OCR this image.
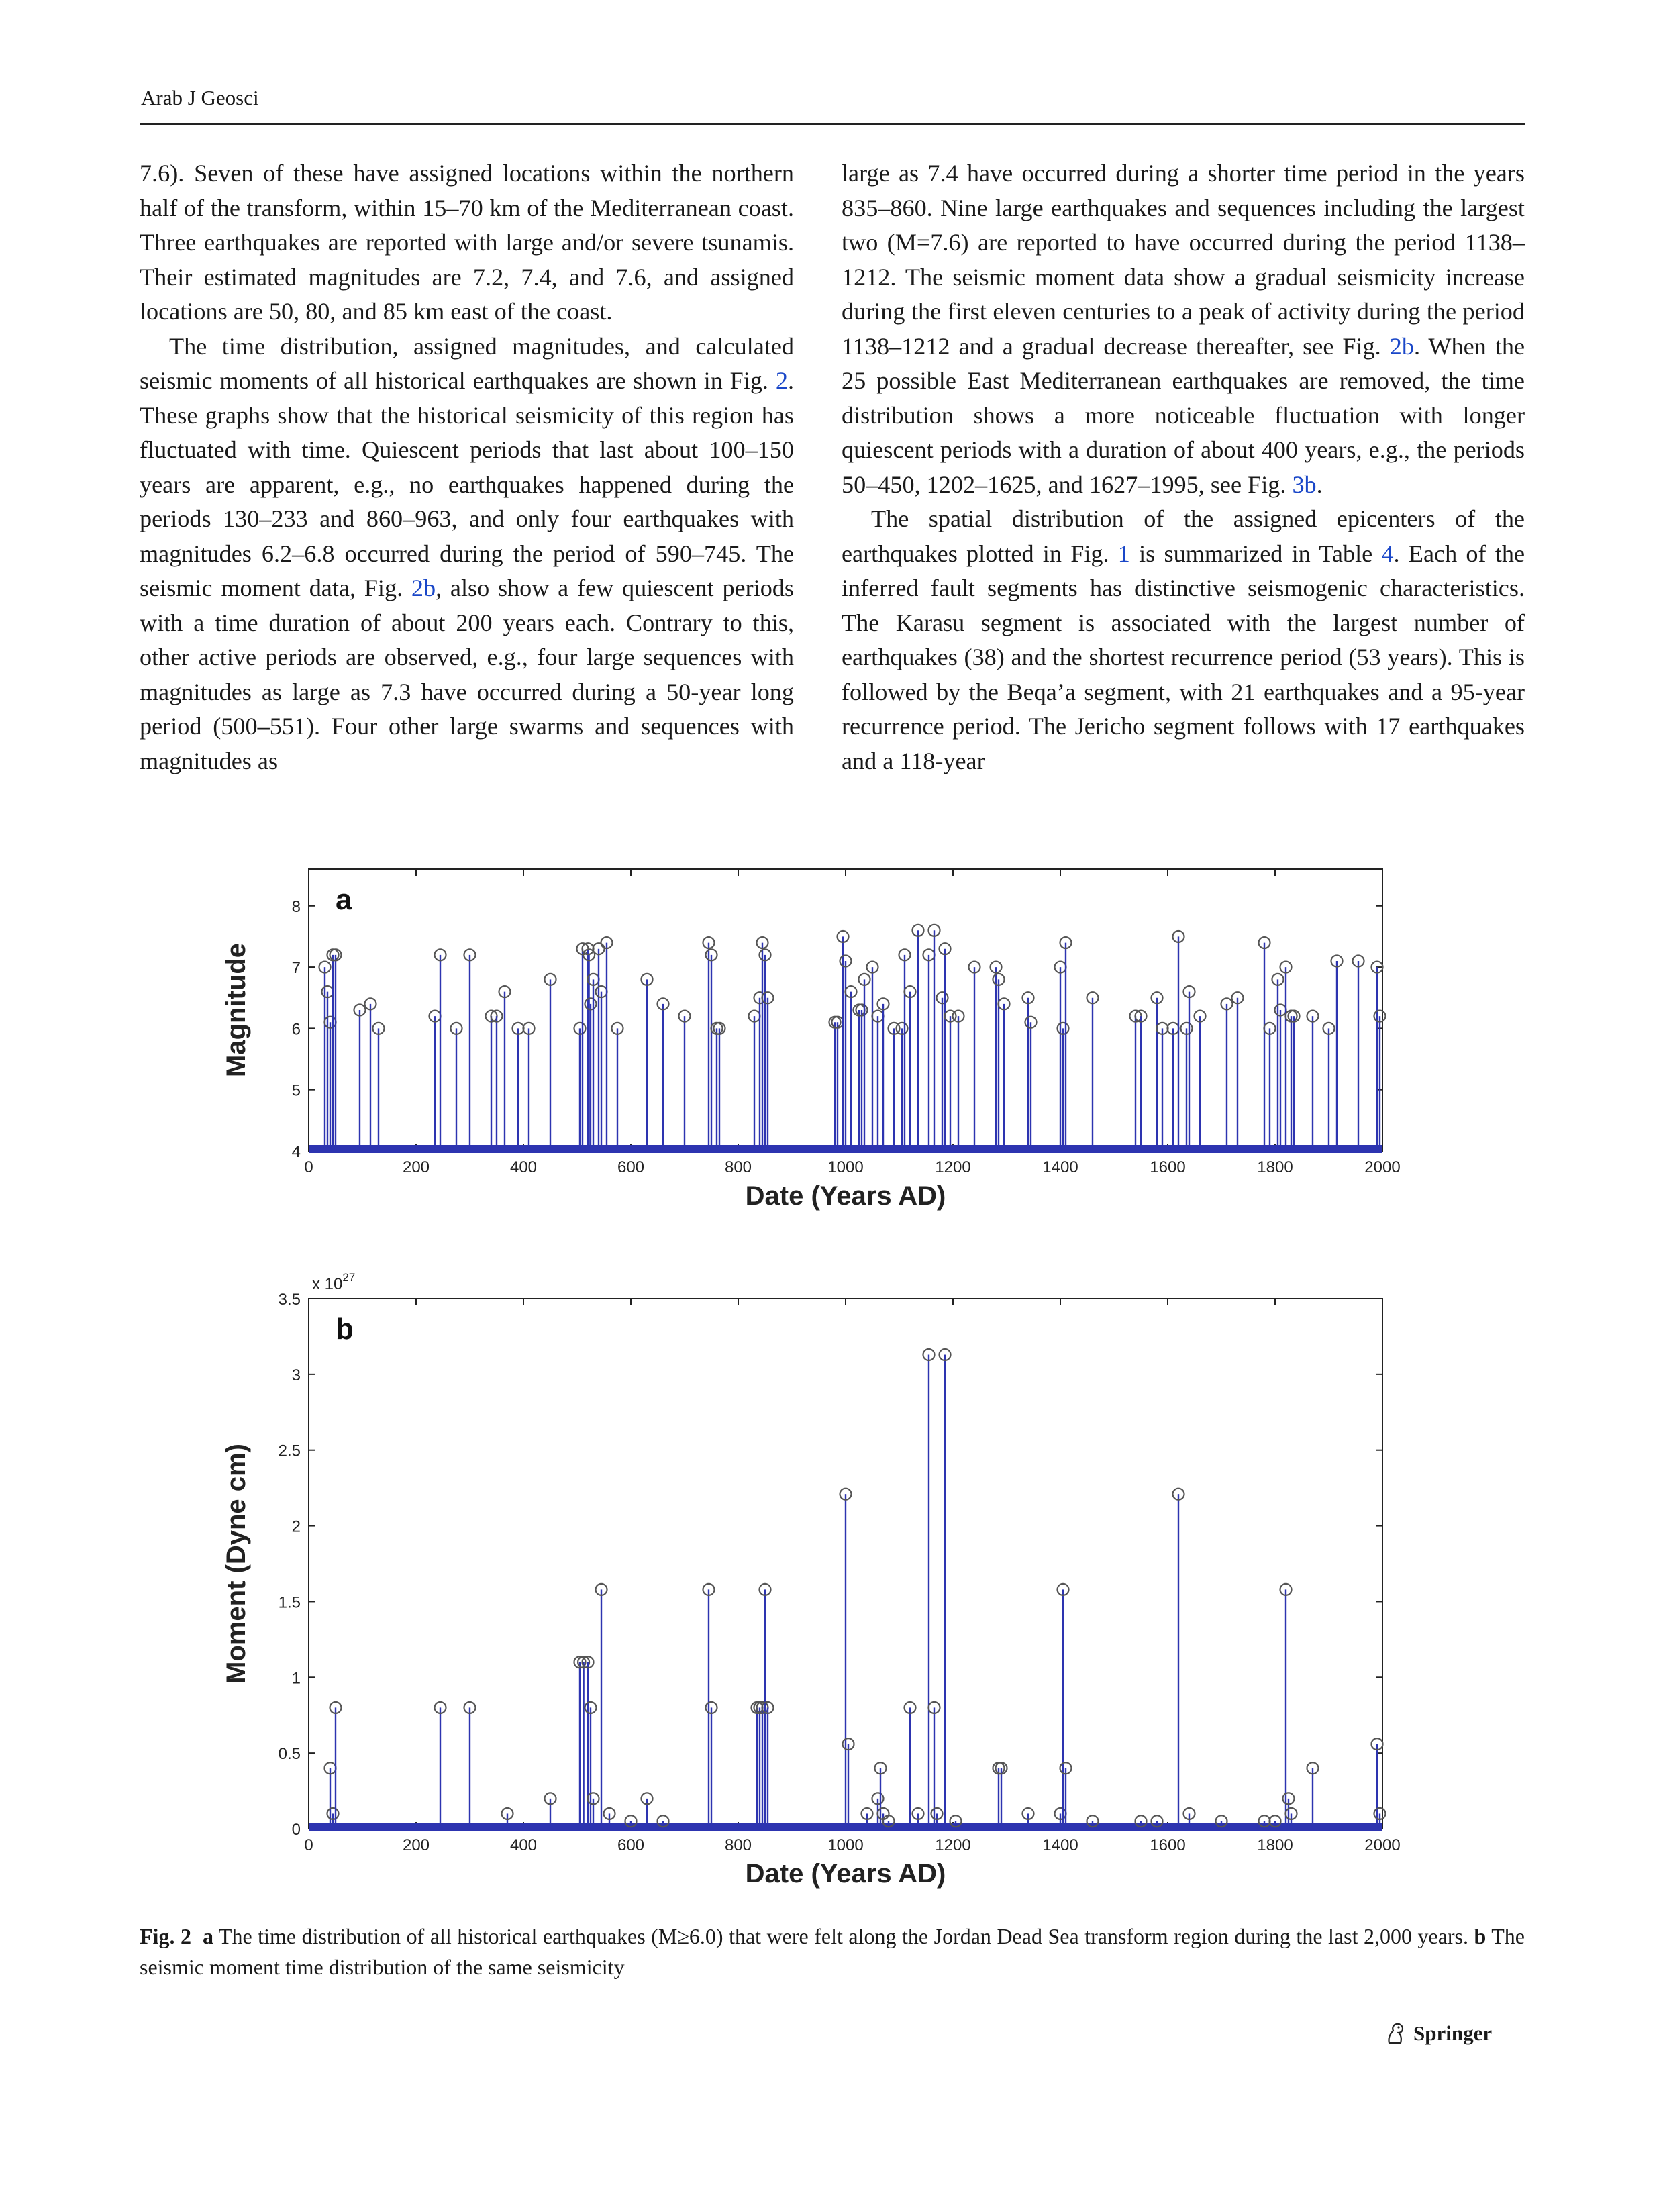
Arab J Geosci

7.6). Seven of these have assigned locations within the northern half of the transform, within 15–70 km of the Mediterranean coast. Three earthquakes are reported with large and/or severe tsunamis. Their estimated magnitudes are 7.2, 7.4, and 7.6, and assigned locations are 50, 80, and 85 km east of the coast.

The time distribution, assigned magnitudes, and calculated seismic moments of all historical earthquakes are shown in Fig. 2. These graphs show that the historical seismicity of this region has fluctuated with time. Quiescent periods that last about 100–150 years are apparent, e.g., no earthquakes happened during the periods 130–233 and 860–963, and only four earthquakes with magnitudes 6.2–6.8 occurred during the period of 590–745. The seismic moment data, Fig. 2b, also show a few quiescent periods with a time duration of about 200 years each. Contrary to this, other active periods are observed, e.g., four large sequences with magnitudes as large as 7.3 have occurred during a 50-year long period (500–551). Four other large swarms and sequences with magnitudes as

large as 7.4 have occurred during a shorter time period in the years 835–860. Nine large earthquakes and sequences including the largest two (M=7.6) are reported to have occurred during the period 1138–1212. The seismic moment data show a gradual seismicity increase during the first eleven centuries to a peak of activity during the period 1138–1212 and a gradual decrease thereafter, see Fig. 2b. When the 25 possible East Mediterranean earthquakes are removed, the time distribution shows a more noticeable fluctuation with longer quiescent periods with a duration of about 400 years, e.g., the periods 50–450, 1202–1625, and 1627–1995, see Fig. 3b.

The spatial distribution of the assigned epicenters of the earthquakes plotted in Fig. 1 is summarized in Table 4. Each of the inferred fault segments has distinctive seismogenic characteristics. The Karasu segment is associated with the largest number of earthquakes (38) and the shortest recurrence period (53 years). This is followed by the Beqa’a segment, with 21 earthquakes and a 95-year recurrence period. The Jericho segment follows with 17 earthquakes and a 118-year

0	200	400	600	800	1000	1200	1400	1600	1800	2000
4
5
6
7
8
Date (Years AD)
Magnitude
a
0	200	400	600	800	1000	1200	1400	1600	1800	2000
0
0.5
1
1.5
2
2.5
3
3.5
Date (Years AD)
Moment (Dyne cm)
x $10^{27}$
b
Fig. 2 a The time distribution of all historical earthquakes (M≥6.0) that were felt along the Jordan Dead Sea transform region during the last 2,000 years. b The seismic moment time distribution of the same seismicity
Springer
